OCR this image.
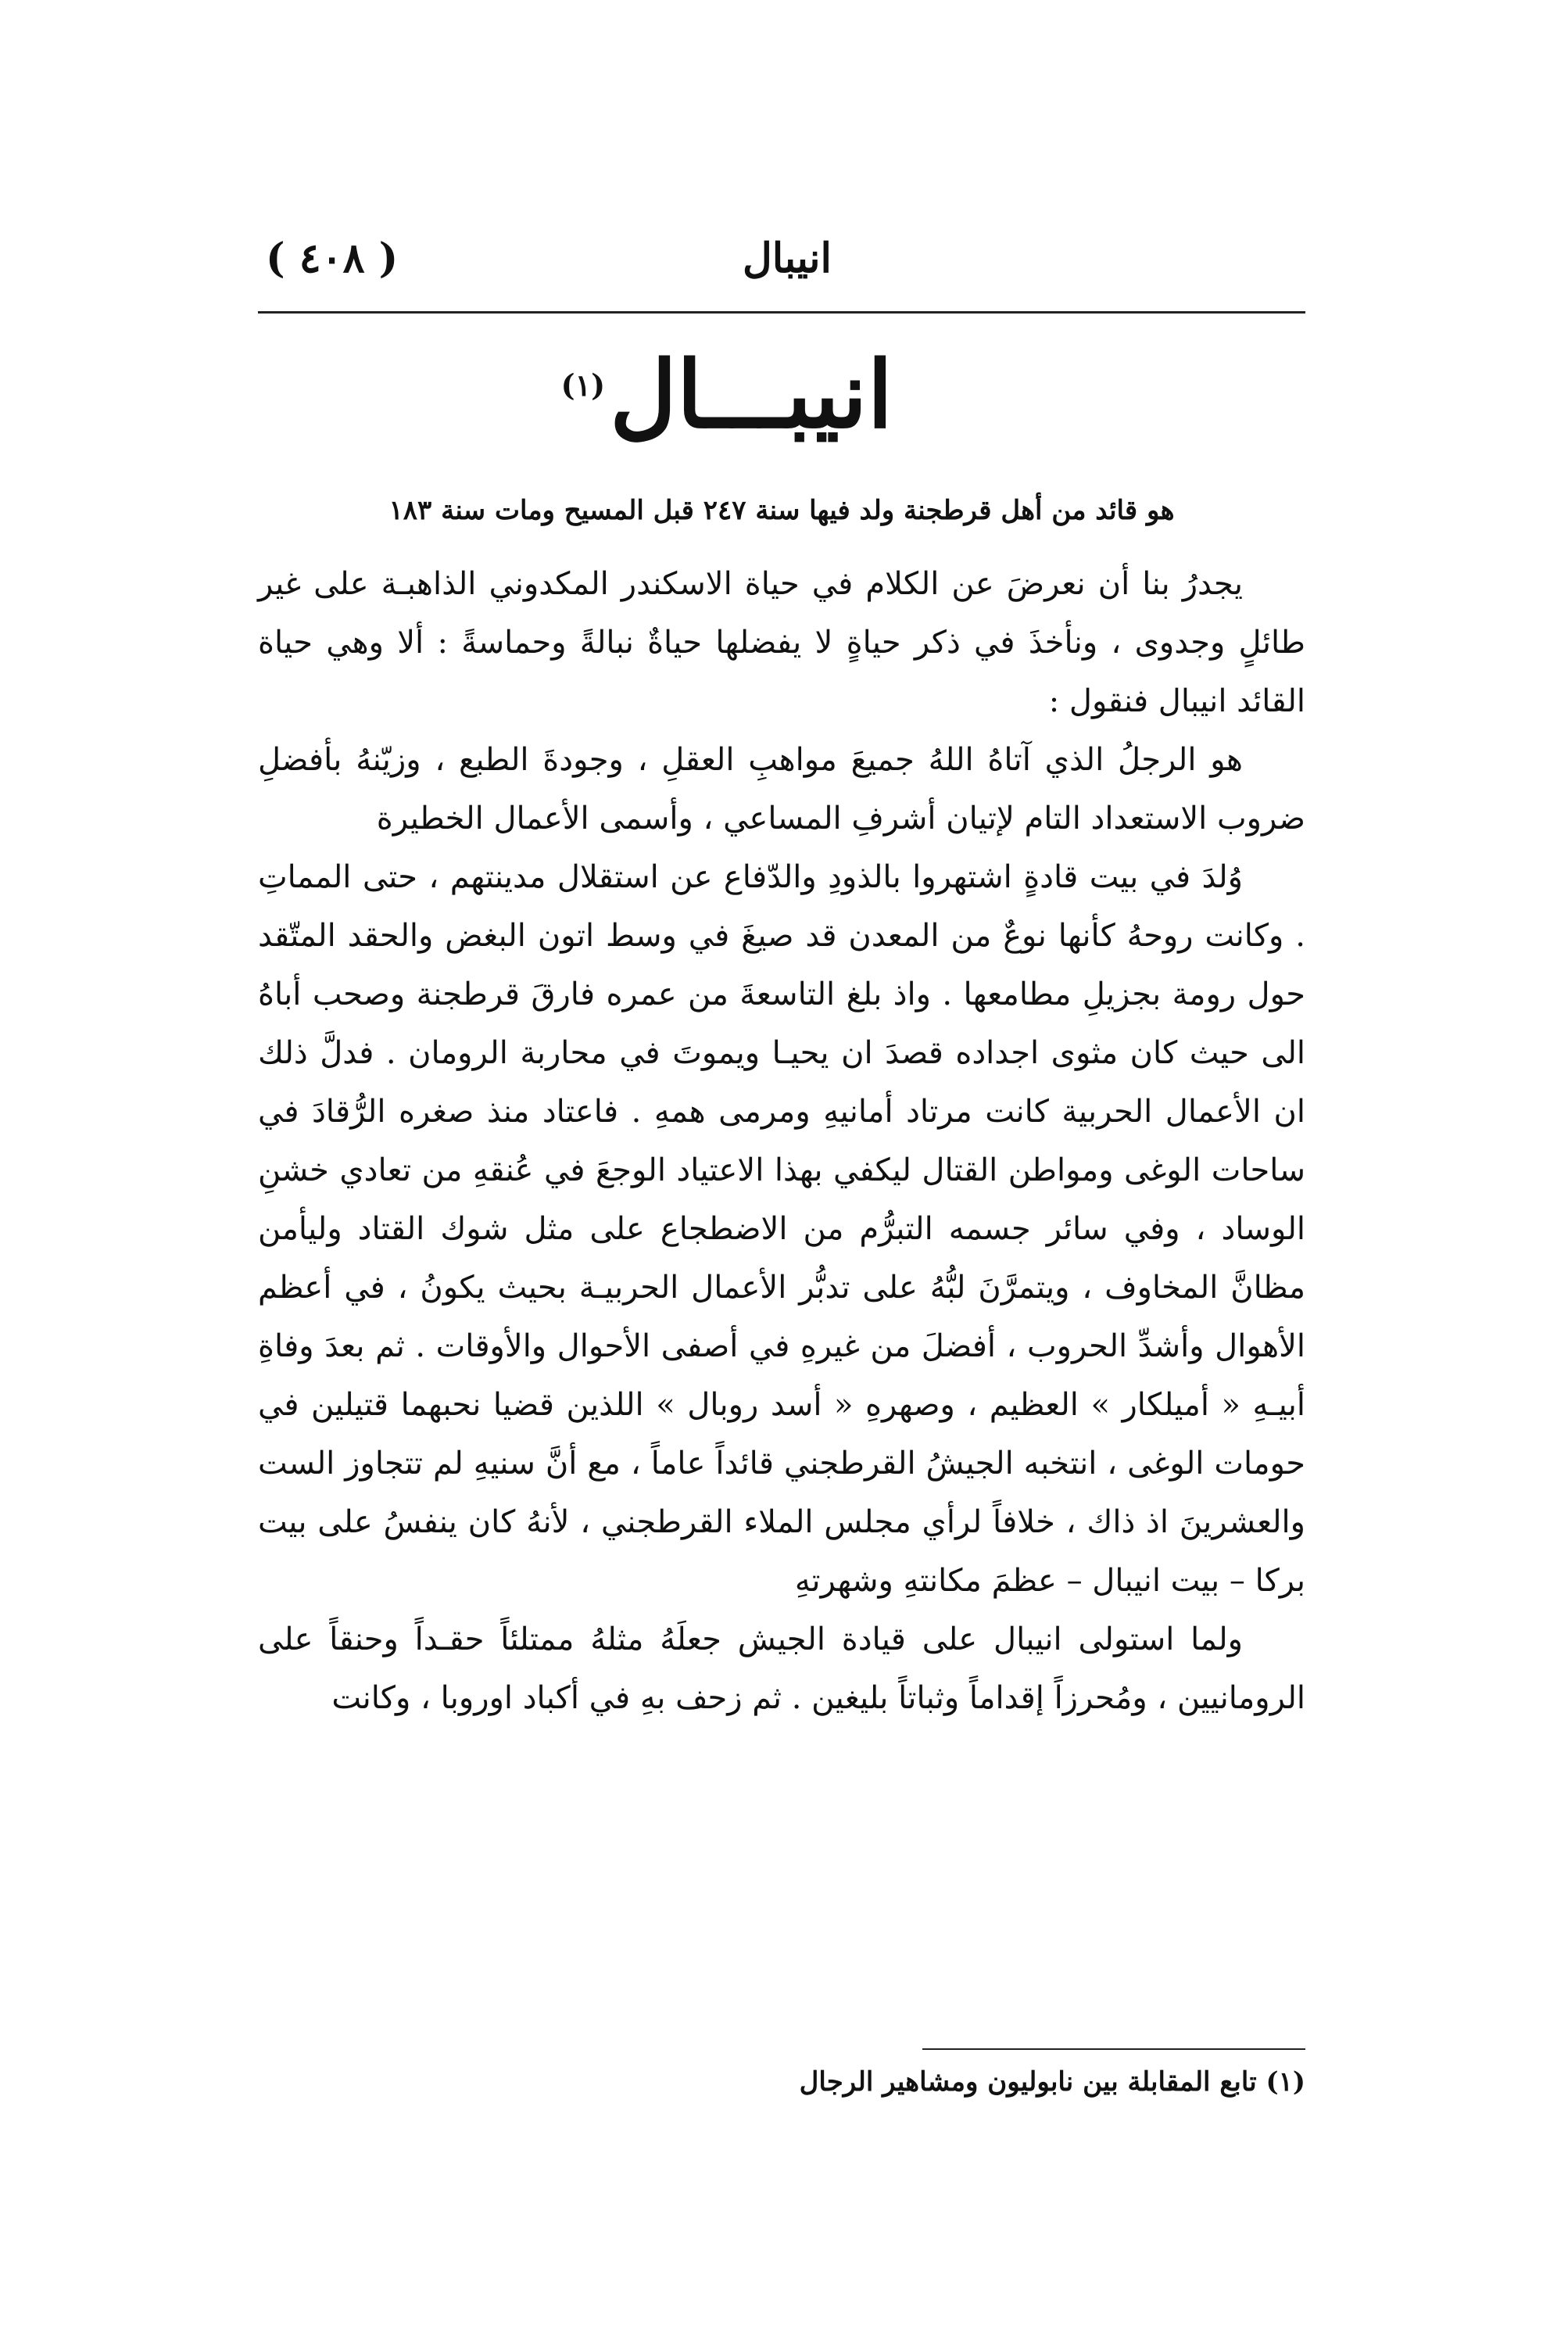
( ٤٠٨ )	انيبال
انيبـــال$^{(١)}$
هو قائد من أهل قرطجنة ولد فيها سنة ٢٤٧ قبل المسيح ومات سنة ١٨٣

يجدرُ بنا أن نعرضَ عن الكلام في حياة الاسكندر المكدوني الذاهبـة على غير طائلٍ وجدوى ، ونأخذَ في ذكر حياةٍ لا يفضلها حياةٌ نبالةً وحماسةً : ألا وهي حياة القائد انيبال فنقول :

هو الرجلُ الذي آتاهُ اللهُ جميعَ مواهبِ العقلِ ، وجودةَ الطبع ، وزيّنهُ بأفضلِ ضروب الاستعداد التام لإتيان أشرفِ المساعي ، وأسمى الأعمال الخطيرة

وُلدَ في بيت قادةٍ اشتهروا بالذودِ والدّفاع عن استقلال مدينتهم ، حتى المماتِ . وكانت روحهُ كأنها نوعٌ من المعدن قد صيغَ في وسط اتون البغض والحقد المتّقد حول رومة بجزيلِ مطامعها . واذ بلغ التاسعةَ من عمره فارقَ قرطجنة وصحب أباهُ الى حيث كان مثوى اجداده قصدَ ان يحيـا ويموتَ في محاربة الرومان . فدلَّ ذلك ان الأعمال الحربية كانت مرتاد أمانيهِ ومرمى همهِ . فاعتاد منذ صغره الرُّقادَ في ساحات الوغى ومواطن القتال ليكفي بهذا الاعتياد الوجعَ في عُنقهِ من تعادي خشنِ الوساد ، وفي سائر جسمه التبرُّم من الاضطجاع على مثل شوك القتاد وليأمن مظانَّ المخاوف ، ويتمرَّنَ لبُّهُ على تدبُّر الأعمال الحربيـة بحيث يكونُ ، في أعظم الأهوال وأشدِّ الحروب ، أفضلَ من غيرهِ في أصفى الأحوال والأوقات . ثم بعدَ وفاةِ أبيـهِ « أميلكار » العظيم ، وصهرهِ « أسد روبال » اللذين قضيا نحبهما قتيلين في حومات الوغى ، انتخبه الجيشُ القرطجني قائداً عاماً ، مع أنَّ سنيهِ لم تتجاوز الست والعشرينَ اذ ذاك ، خلافاً لرأي مجلس الملاء القرطجني ، لأنهُ كان ينفسُ على بيت بركا – بيت انيبال – عظمَ مكانتهِ وشهرتهِ

ولما استولى انيبال على قيادة الجيش جعلَهُ مثلهُ ممتلئاً حقـداً وحنقاً على الرومانيين ، ومُحرزاً إقداماً وثباتاً بليغين . ثم زحف بهِ في أكباد اوروبا ، وكانت

(١) تابع المقابلة بين نابوليون ومشاهير الرجال
